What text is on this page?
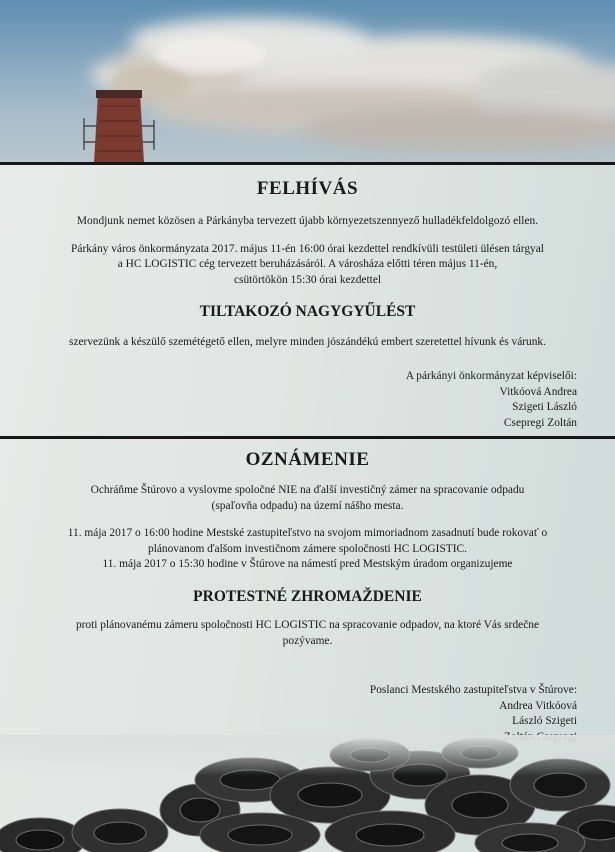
FELHÍVÁS
Mondjunk nemet közösen a Párkányba tervezett újabb környezetszennyező hulladékfeldolgozó ellen.
Párkány város önkormányzata 2017. május 11-én 16:00 órai kezdettel rendkívüli testületi ülésen tárgyal
a HC LOGISTIC cég tervezett beruházásáról. A városháza előtti téren május 11-én,
csütörtökön 15:30 órai kezdettel
TILTAKOZÓ NAGYGYŰLÉST
szervezünk a készülő szemétégető ellen, melyre minden jószándékú embert szeretettel hívunk és várunk.
A párkányi önkormányzat képviselői:
Vitkóová Andrea
Szigeti László
Csepregi Zoltán
OZNÁMENIE
Ochráňme Štúrovo a vyslovme spoločné NIE na ďalší investičný zámer na spracovanie odpadu
(spaľovňa odpadu) na území nášho mesta.
11. mája 2017 o 16:00 hodine Mestské zastupiteľstvo na svojom mimoriadnom zasadnutí bude rokovať o
plánovanom ďalšom investičnom zámere spoločnosti HC LOGISTIC.
11. mája 2017 o 15:30 hodine v Štúrove na námestí pred Mestským úradom organizujeme
PROTESTNÉ ZHROMAŽDENIE
proti plánovanému zámeru spoločnosti HC LOGISTIC na spracovanie odpadov, na ktoré Vás srdečne
pozývame.
Poslanci Mestského zastupiteľstva v Štúrove:
Andrea Vitkóová
László Szigeti
